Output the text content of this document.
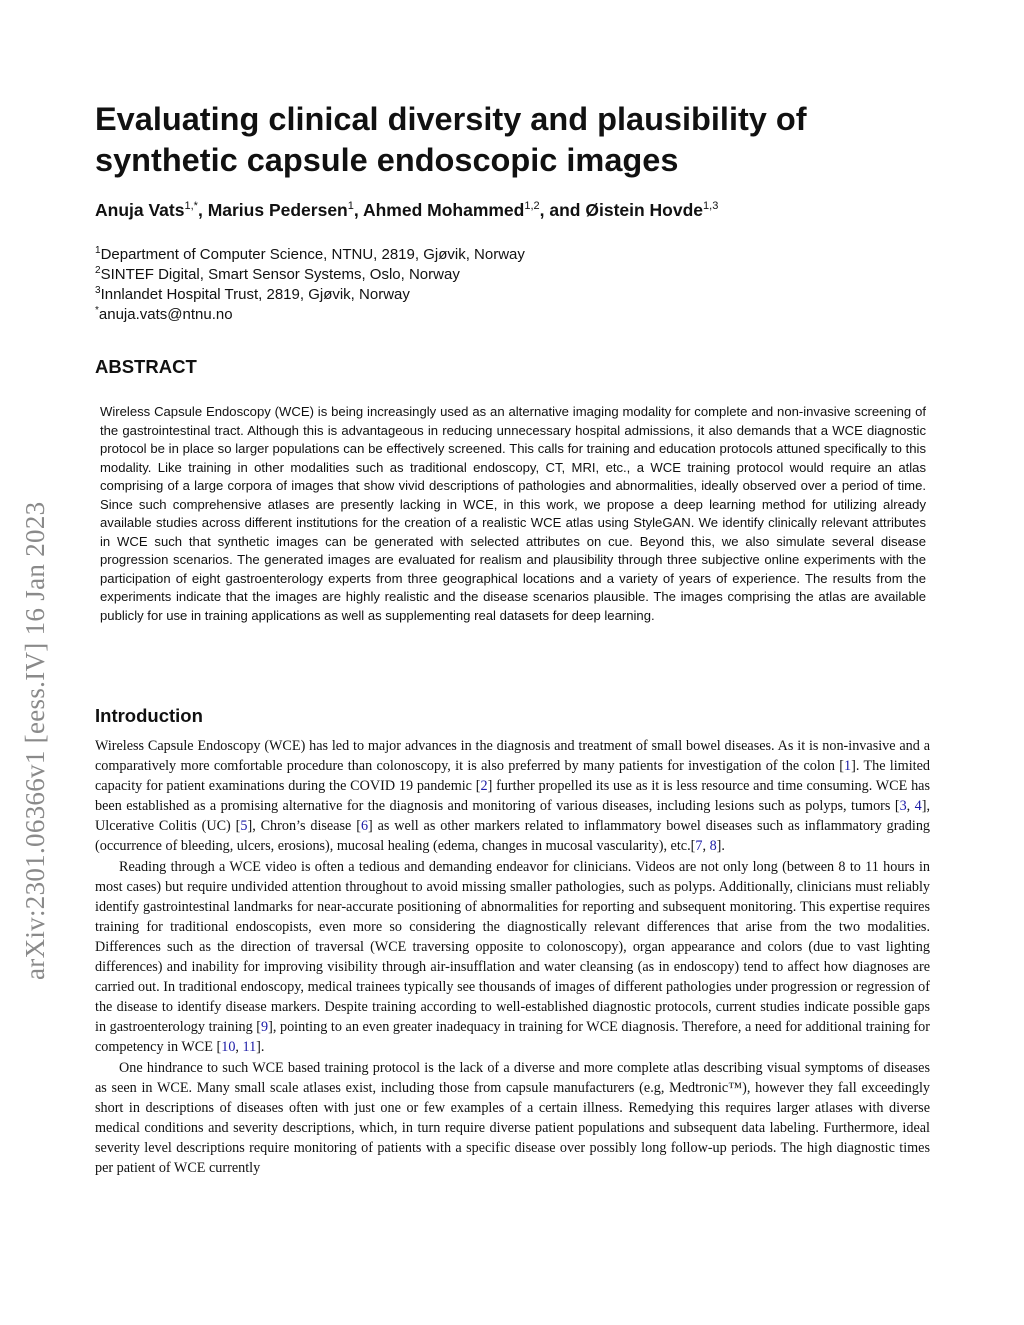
arXiv:2301.06366v1 [eess.IV] 16 Jan 2023
Evaluating clinical diversity and plausibility of synthetic capsule endoscopic images
Anuja Vats$^{1,*}$, Marius Pedersen$^1$, Ahmed Mohammed$^{1,2}$, and Øistein Hovde$^{1,3}$
$^1$Department of Computer Science, NTNU, 2819, Gjøvik, Norway
$^2$SINTEF Digital, Smart Sensor Systems, Oslo, Norway
$^3$Innlandet Hospital Trust, 2819, Gjøvik, Norway
*anuja.vats@ntnu.no
ABSTRACT

Wireless Capsule Endoscopy (WCE) is being increasingly used as an alternative imaging modality for complete and non-invasive screening of the gastrointestinal tract. Although this is advantageous in reducing unnecessary hospital admissions, it also demands that a WCE diagnostic protocol be in place so larger populations can be effectively screened. This calls for training and education protocols attuned specifically to this modality. Like training in other modalities such as traditional endoscopy, CT, MRI, etc., a WCE training protocol would require an atlas comprising of a large corpora of images that show vivid descriptions of pathologies and abnormalities, ideally observed over a period of time. Since such comprehensive atlases are presently lacking in WCE, in this work, we propose a deep learning method for utilizing already available studies across different institutions for the creation of a realistic WCE atlas using StyleGAN. We identify clinically relevant attributes in WCE such that synthetic images can be generated with selected attributes on cue. Beyond this, we also simulate several disease progression scenarios. The generated images are evaluated for realism and plausibility through three subjective online experiments with the participation of eight gastroenterology experts from three geographical locations and a variety of years of experience. The results from the experiments indicate that the images are highly realistic and the disease scenarios plausible. The images comprising the atlas are available publicly for use in training applications as well as supplementing real datasets for deep learning.

Introduction

Wireless Capsule Endoscopy (WCE) has led to major advances in the diagnosis and treatment of small bowel diseases. As it is non-invasive and a comparatively more comfortable procedure than colonoscopy, it is also preferred by many patients for investigation of the colon [1]. The limited capacity for patient examinations during the COVID 19 pandemic [2] further propelled its use as it is less resource and time consuming. WCE has been established as a promising alternative for the diagnosis and monitoring of various diseases, including lesions such as polyps, tumors [3, 4], Ulcerative Colitis (UC) [5], Chron’s disease [6] as well as other markers related to inflammatory bowel diseases such as inflammatory grading (occurrence of bleeding, ulcers, erosions), mucosal healing (edema, changes in mucosal vascularity), etc.[7, 8].

Reading through a WCE video is often a tedious and demanding endeavor for clinicians. Videos are not only long (between 8 to 11 hours in most cases) but require undivided attention throughout to avoid missing smaller pathologies, such as polyps. Additionally, clinicians must reliably identify gastrointestinal landmarks for near-accurate positioning of abnormalities for reporting and subsequent monitoring. This expertise requires training for traditional endoscopists, even more so considering the diagnostically relevant differences that arise from the two modalities. Differences such as the direction of traversal (WCE traversing opposite to colonoscopy), organ appearance and colors (due to vast lighting differences) and inability for improving visibility through air-insufflation and water cleansing (as in endoscopy) tend to affect how diagnoses are carried out. In traditional endoscopy, medical trainees typically see thousands of images of different pathologies under progression or regression of the disease to identify disease markers. Despite training according to well-established diagnostic protocols, current studies indicate possible gaps in gastroenterology training [9], pointing to an even greater inadequacy in training for WCE diagnosis. Therefore, a need for additional training for competency in WCE [10, 11].

One hindrance to such WCE based training protocol is the lack of a diverse and more complete atlas describing visual symptoms of diseases as seen in WCE. Many small scale atlases exist, including those from capsule manufacturers (e.g, Medtronic™), however they fall exceedingly short in descriptions of diseases often with just one or few examples of a certain illness. Remedying this requires larger atlases with diverse medical conditions and severity descriptions, which, in turn require diverse patient populations and subsequent data labeling. Furthermore, ideal severity level descriptions require monitoring of patients with a specific disease over possibly long follow-up periods. The high diagnostic times per patient of WCE currently
